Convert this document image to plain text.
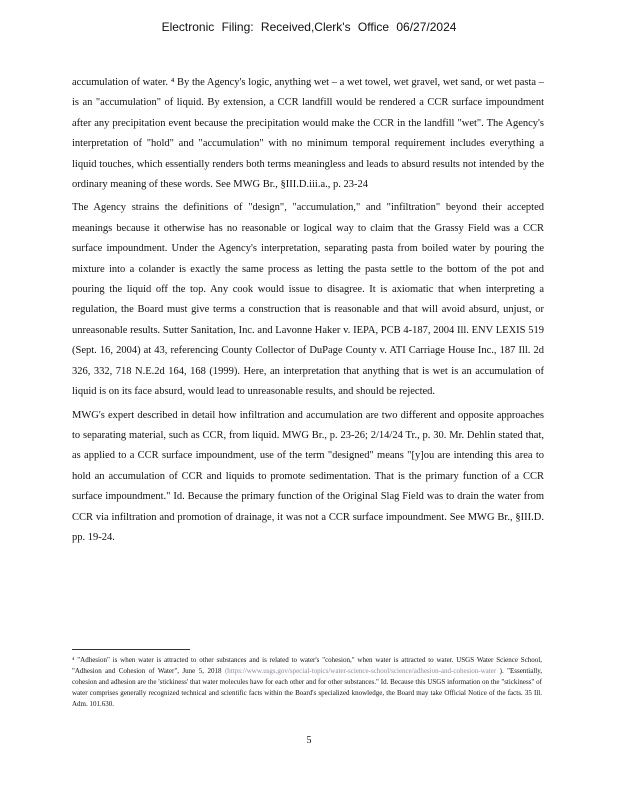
Electronic Filing: Received,Clerk's Office 06/27/2024

accumulation of water. ⁴ By the Agency's logic, anything wet – a wet towel, wet gravel, wet sand, or wet pasta – is an "accumulation" of liquid. By extension, a CCR landfill would be rendered a CCR surface impoundment after any precipitation event because the precipitation would make the CCR in the landfill "wet". The Agency's interpretation of "hold" and "accumulation" with no minimum temporal requirement includes everything a liquid touches, which essentially renders both terms meaningless and leads to absurd results not intended by the ordinary meaning of these words. See MWG Br., §III.D.iii.a., p. 23-24

The Agency strains the definitions of "design", "accumulation," and "infiltration" beyond their accepted meanings because it otherwise has no reasonable or logical way to claim that the Grassy Field was a CCR surface impoundment. Under the Agency's interpretation, separating pasta from boiled water by pouring the mixture into a colander is exactly the same process as letting the pasta settle to the bottom of the pot and pouring the liquid off the top. Any cook would issue to disagree. It is axiomatic that when interpreting a regulation, the Board must give terms a construction that is reasonable and that will avoid absurd, unjust, or unreasonable results. Sutter Sanitation, Inc. and Lavonne Haker v. IEPA, PCB 4-187, 2004 Ill. ENV LEXIS 519 (Sept. 16, 2004) at 43, referencing County Collector of DuPage County v. ATI Carriage House Inc., 187 Ill. 2d 326, 332, 718 N.E.2d 164, 168 (1999). Here, an interpretation that anything that is wet is an accumulation of liquid is on its face absurd, would lead to unreasonable results, and should be rejected.

MWG's expert described in detail how infiltration and accumulation are two different and opposite approaches to separating material, such as CCR, from liquid. MWG Br., p. 23-26; 2/14/24 Tr., p. 30. Mr. Dehlin stated that, as applied to a CCR surface impoundment, use of the term "designed" means "[y]ou are intending this area to hold an accumulation of CCR and liquids to promote sedimentation. That is the primary function of a CCR surface impoundment." Id. Because the primary function of the Original Slag Field was to drain the water from CCR via infiltration and promotion of drainage, it was not a CCR surface impoundment. See MWG Br., §III.D. pp. 19-24.

⁴ "Adhesion" is when water is attracted to other substances and is related to water's "cohesion," when water is attracted to water. USGS Water Science School, "Adhesion and Cohesion of Water", June 5, 2018 (https://www.usgs.gov/special-topics/water-science-school/science/adhesion-and-cohesion-water ). "Essentially, cohesion and adhesion are the 'stickiness' that water molecules have for each other and for other substances." Id. Because this USGS information on the "stickiness" of water comprises generally recognized technical and scientific facts within the Board's specialized knowledge, the Board may take Official Notice of the facts. 35 Ill. Adm. 101.630.
5
